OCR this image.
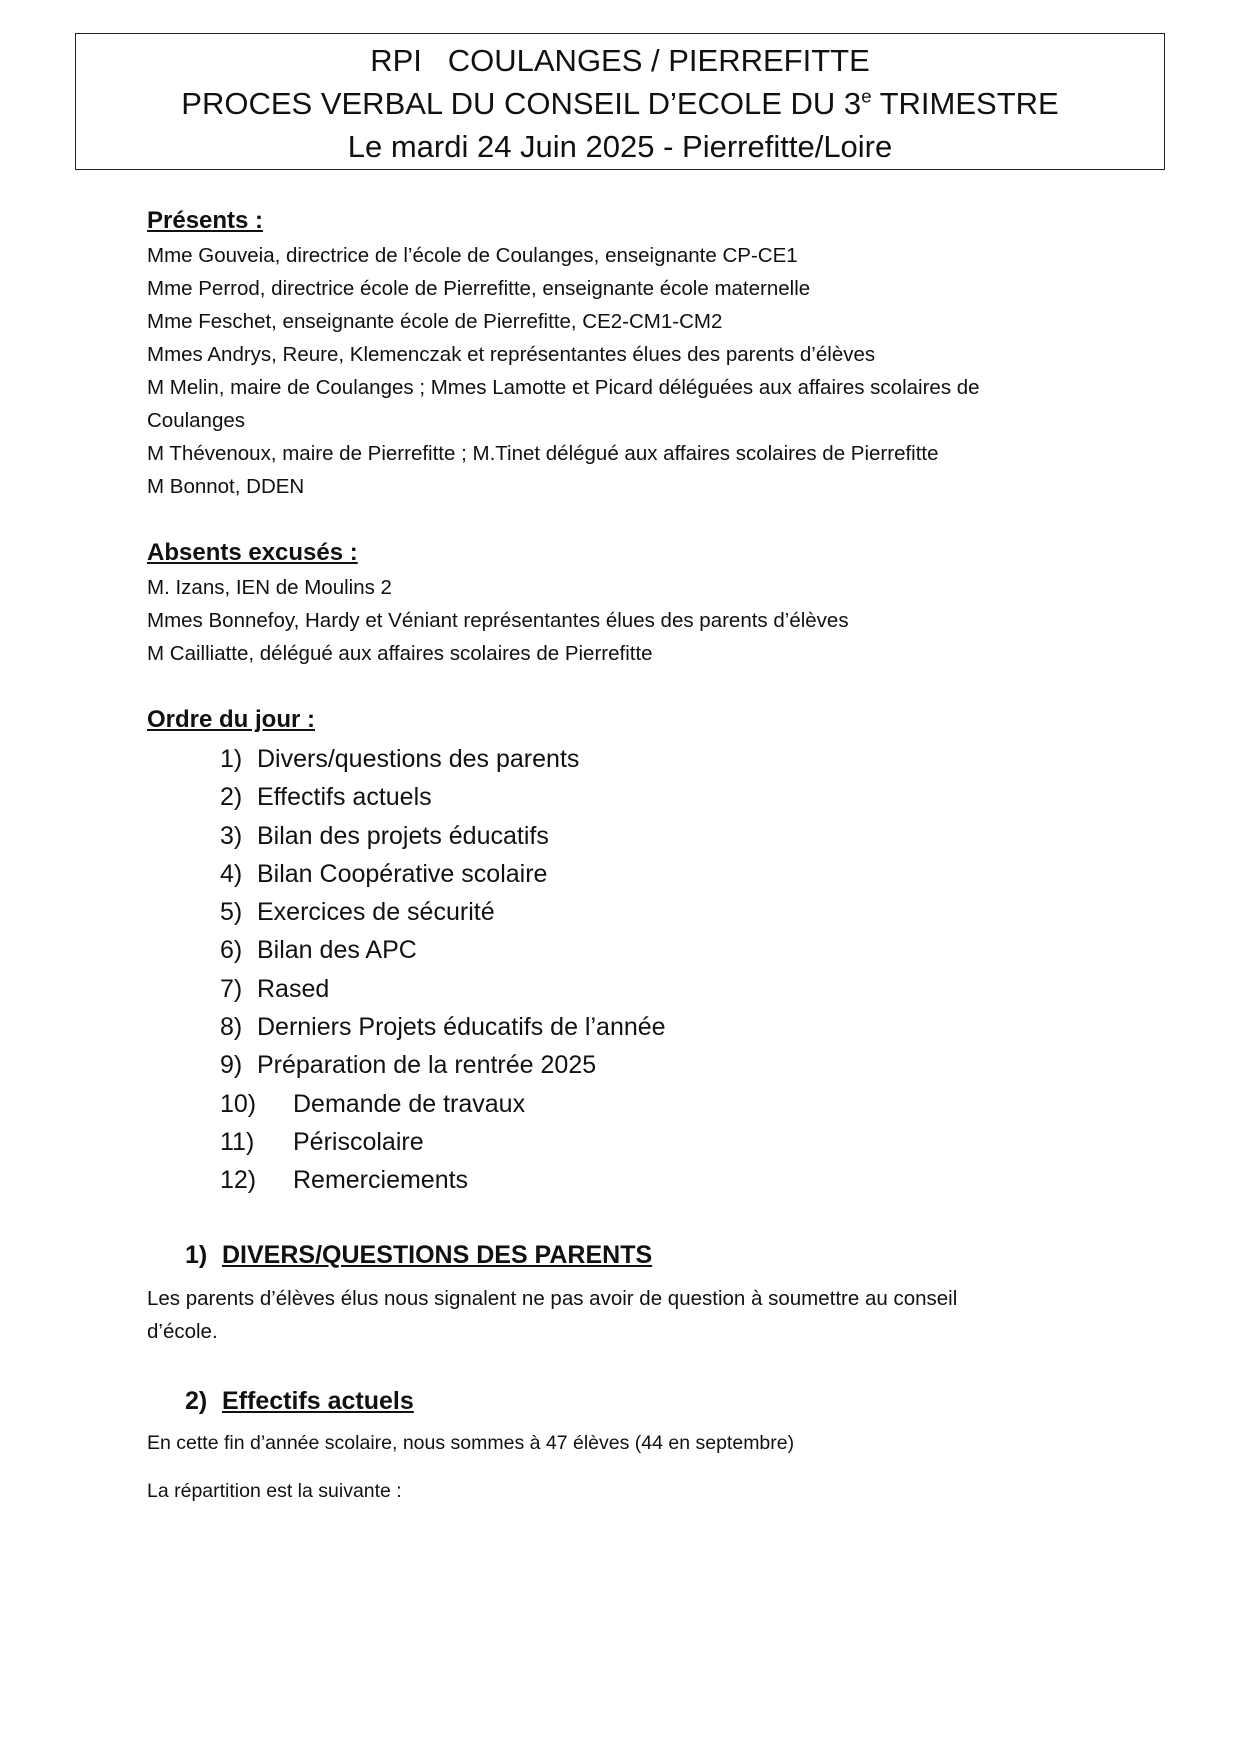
RPI   COULANGES / PIERREFITTE
PROCES VERBAL DU CONSEIL D’ECOLE DU 3e TRIMESTRE
Le mardi 24 Juin 2025 - Pierrefitte/Loire
Présents :

Mme Gouveia, directrice de l’école de Coulanges, enseignante CP-CE1

Mme Perrod, directrice école de Pierrefitte, enseignante école maternelle

Mme Feschet, enseignante école de Pierrefitte, CE2-CM1-CM2

Mmes Andrys, Reure, Klemenczak et représentantes élues des parents d’élèves

M Melin, maire de Coulanges ; Mmes Lamotte et Picard déléguées aux affaires scolaires de

Coulanges

M Thévenoux, maire de Pierrefitte ; M.Tinet délégué aux affaires scolaires de Pierrefitte

M Bonnot, DDEN

Absents excusés :

M. Izans, IEN de Moulins 2

Mmes Bonnefoy, Hardy et Véniant représentantes élues des parents d’élèves

M Cailliatte, délégué aux affaires scolaires de Pierrefitte

Ordre du jour :
1) Divers/questions des parents
2) Effectifs actuels
3) Bilan des projets éducatifs
4) Bilan Coopérative scolaire
5) Exercices de sécurité
6) Bilan des APC
7) Rased
8) Derniers Projets éducatifs de l’année
9) Préparation de la rentrée 2025
10) Demande de travaux
11) Périscolaire
12) Remerciements
1) DIVERS/QUESTIONS DES PARENTS

Les parents d’élèves élus nous signalent ne pas avoir de question à soumettre au conseil

d’école.

2) Effectifs actuels

En cette fin d’année scolaire, nous sommes à 47 élèves (44 en septembre)

La répartition est la suivante :
